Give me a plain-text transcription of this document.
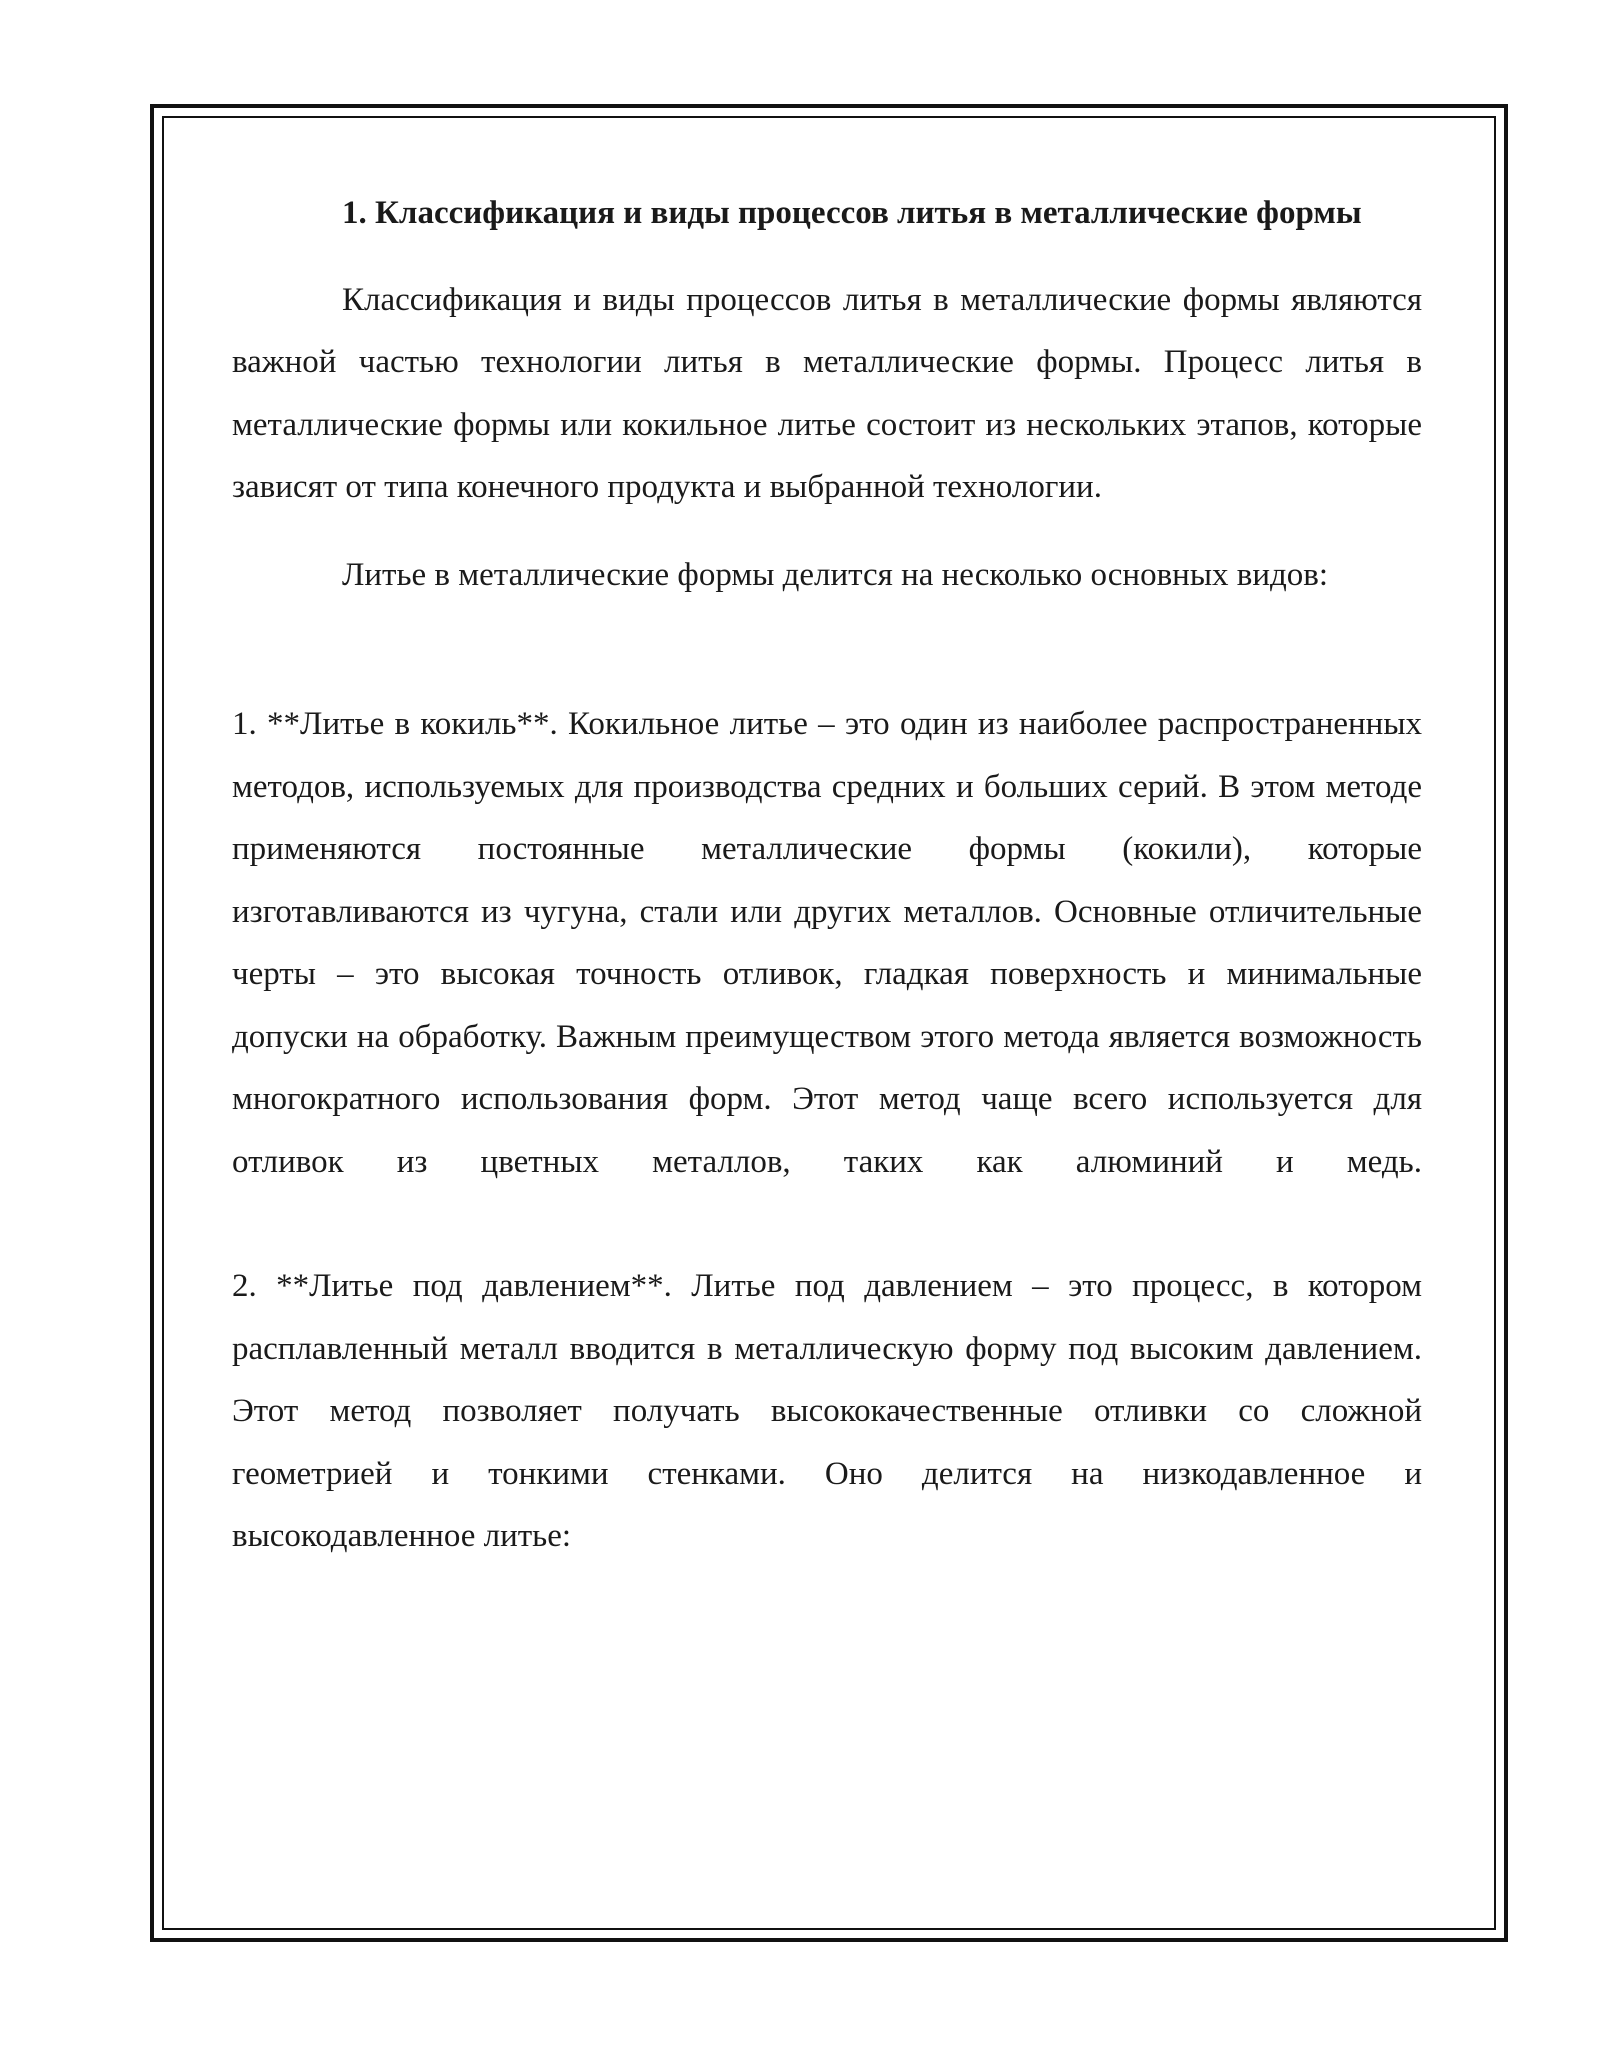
1. Классификация и виды процессов литья в металлические формы

Классификация и виды процессов литья в металлические формы являются важной частью технологии литья в металлические формы. Процесс литья в металлические формы или кокильное литье состоит из нескольких этапов, которые зависят от типа конечного продукта и выбранной технологии.

Литье в металлические формы делится на несколько основных видов:

1. **Литье в кокиль**. Кокильное литье – это один из наиболее распространенных методов, используемых для производства средних и больших серий. В этом методе применяются постоянные металлические формы (кокили), которые изготавливаются из чугуна, стали или других металлов. Основные отличительные черты – это высокая точность отливок, гладкая поверхность и минимальные допуски на обработку. Важным преимуществом этого метода является возможность многократного использования форм. Этот метод чаще всего используется для отливок из цветных металлов, таких как алюминий и медь.

2. **Литье под давлением**. Литье под давлением – это процесс, в котором расплавленный металл вводится в металлическую форму под высоким давлением. Этот метод позволяет получать высококачественные отливки со сложной геометрией и тонкими стенками. Оно делится на низкодавленное и высокодавленное литье:
